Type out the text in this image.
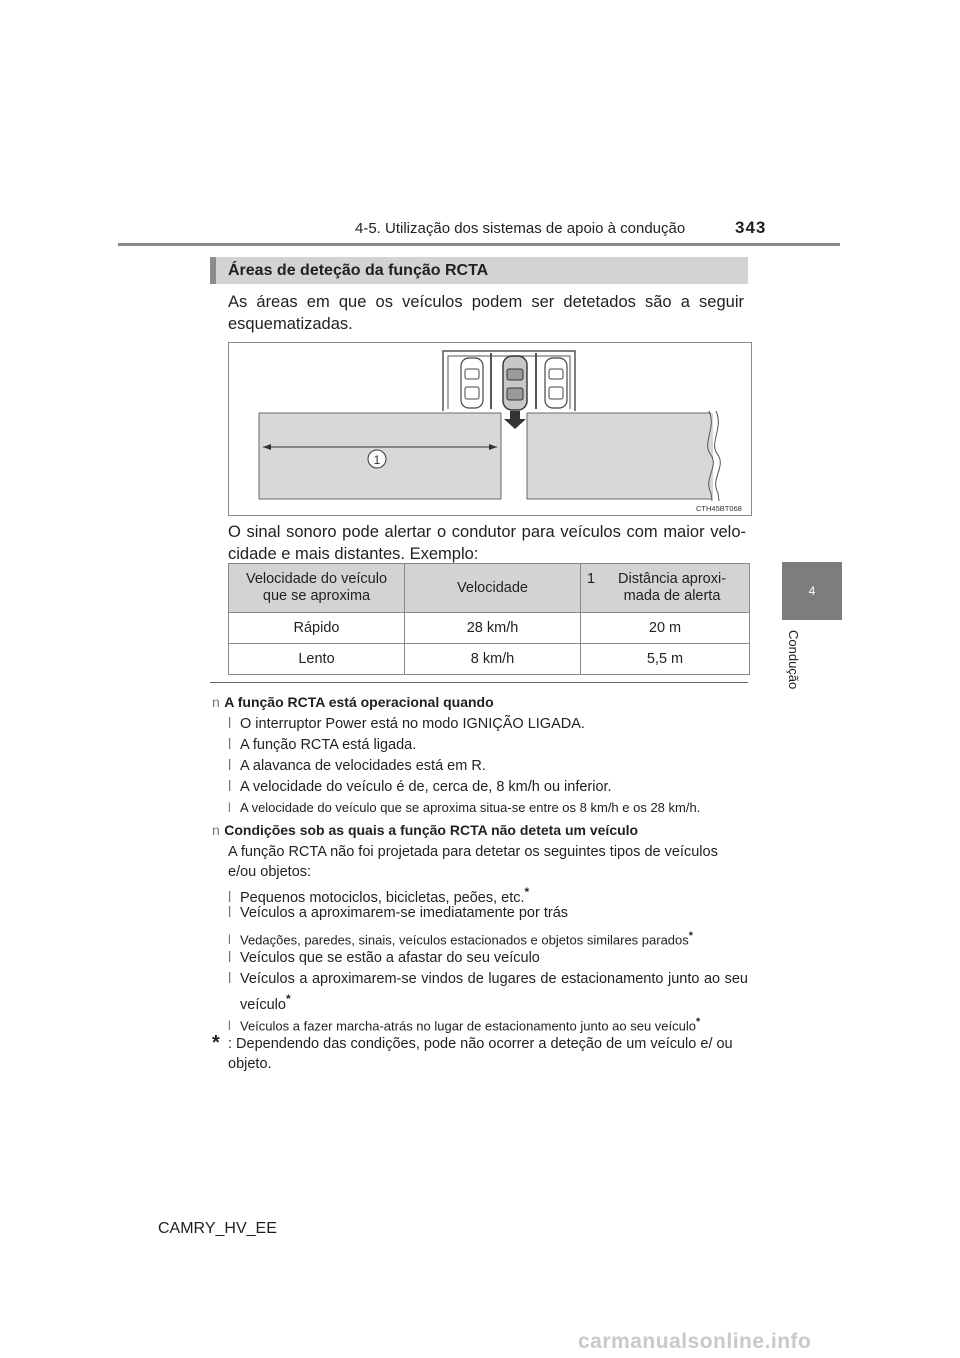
4-5. Utilização dos sistemas de apoio à condução	343
4
Condução
Áreas de deteção da função RCTA
As áreas em que os veículos podem ser detetados são a seguir esquematizadas.
1
CTH45BT068
O sinal sonoro pode alertar o condutor para veículos com maior velo-cidade e mais distantes. Exemplo:
Velocidade do veículo que se aproxima	Velocidade	1 Distância aproxi-mada de alerta

Rápido	28 km/h	20 m
Lento	8 km/h	5,5 m
n A função RCTA está operacional quando
l O interruptor Power está no modo IGNIÇÃO LIGADA.
l A função RCTA está ligada.
l A alavanca de velocidades está em R.
l A velocidade do veículo é de, cerca de, 8 km/h ou inferior.
l A velocidade do veículo que se aproxima situa-se entre os 8 km/h e os 28 km/h.
n Condições sob as quais a função RCTA não deteta um veículo
A função RCTA não foi projetada para detetar os seguintes tipos de veículos e/ou objetos:
l Pequenos motociclos, bicicletas, peões, etc.*
l Veículos a aproximarem-se imediatamente por trás
l Vedações, paredes, sinais, veículos estacionados e objetos similares parados*
l Veículos que se estão a afastar do seu veículo
l Veículos a aproximarem-se vindos de lugares de estacionamento junto ao seu veículo*
l Veículos a fazer marcha-atrás no lugar de estacionamento junto ao seu veículo*
* : Dependendo das condições, pode não ocorrer a deteção de um veículo e/ ou objeto.
CAMRY_HV_EE
carmanualsonline.info
